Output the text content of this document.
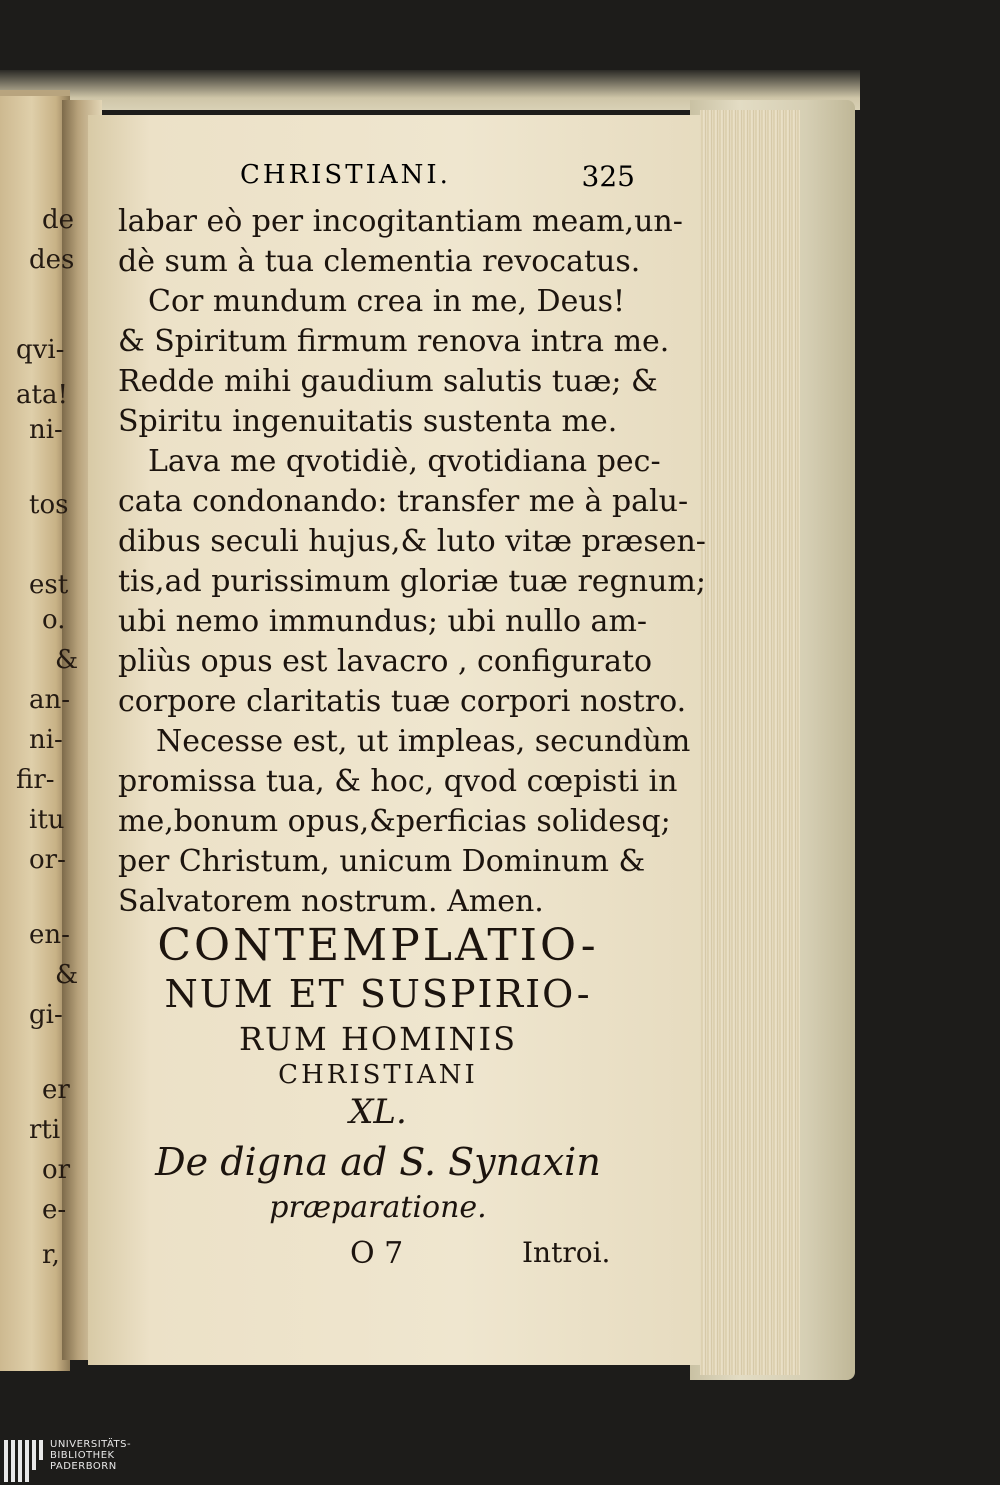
de
des
qvi-
ata!
ni-
tos
est
o.
&
an-
ni-
fir-
itu
or-
en-
&
gi-
er
rti
or
e-
r,
CHRISTIANI.	325
labar eò per incogitantiam meam,un-
dè sum à tua clementia revocatus.
Cor mundum crea in me, Deus!
& Spiritum firmum renova intra me.
Redde mihi gaudium salutis tuæ; &
Spiritu ingenuitatis sustenta me.
Lava me qvotidiè, qvotidiana pec-
cata condonando: transfer me à palu-
dibus seculi hujus,& luto vitæ præsen-
tis,ad purissimum gloriæ tuæ regnum;
ubi nemo immundus; ubi nullo am-
pliùs opus est lavacro , configurato
corpore claritatis tuæ corpori nostro.
Necesse est, ut impleas, secundùm
promissa tua, & hoc, qvod cœpisti in
me,bonum opus,&perficias solidesq;
per Christum, unicum Dominum &
Salvatorem nostrum. Amen.
CONTEMPLATIO-
NUM ET SUSPIRIO-
RUM HOMINIS
CHRISTIANI
XL.
De digna ad S. Synaxin
præparatione.
O 7	Introi.
UNIVERSITÄTS-
BIBLIOTHEK
PADERBORN
